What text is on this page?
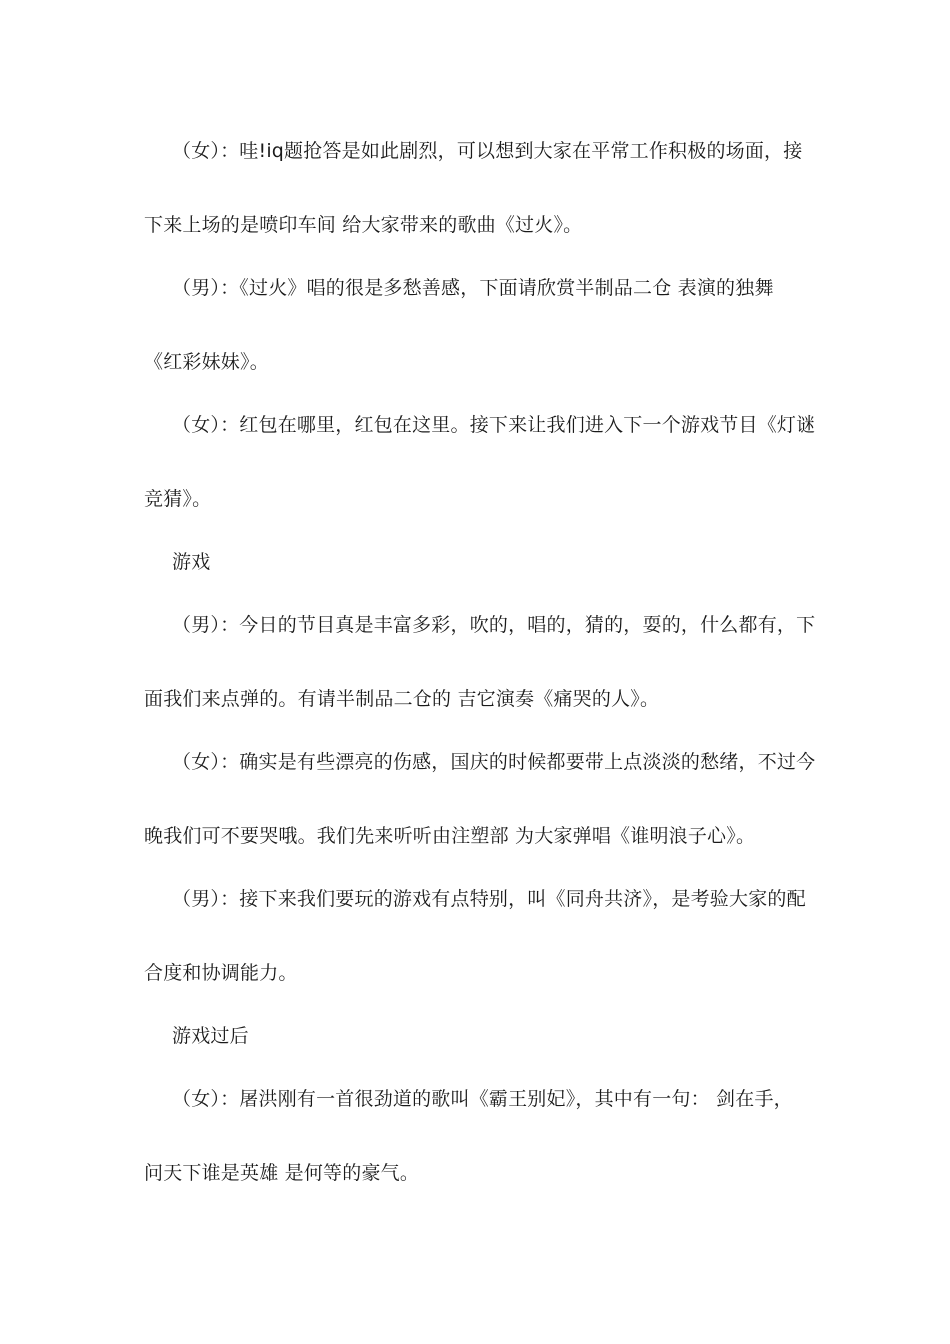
（女）：哇!iq题抢答是如此剧烈，可以想到大家在平常工作积极的场面，接
下来上场的是喷印车间 给大家带来的歌曲《过火》。
（男）：《过火》唱的很是多愁善感，下面请欣赏半制品二仓 表演的独舞
《红彩妹妹》。
（女）：红包在哪里，红包在这里。接下来让我们进入下一个游戏节目《灯谜
竞猜》。
游戏
（男）：今日的节目真是丰富多彩，吹的，唱的，猜的，耍的，什么都有，下
面我们来点弹的。有请半制品二仓的 吉它演奏《痛哭的人》。
（女）：确实是有些漂亮的伤感，国庆的时候都要带上点淡淡的愁绪，不过今
晚我们可不要哭哦。我们先来听听由注塑部 为大家弹唱《谁明浪子心》。
（男）：接下来我们要玩的游戏有点特别，叫《同舟共济》，是考验大家的配
合度和协调能力。
游戏过后
（女）：屠洪刚有一首很劲道的歌叫《霸王别妃》，其中有一句： 剑在手，
问天下谁是英雄 是何等的豪气。
